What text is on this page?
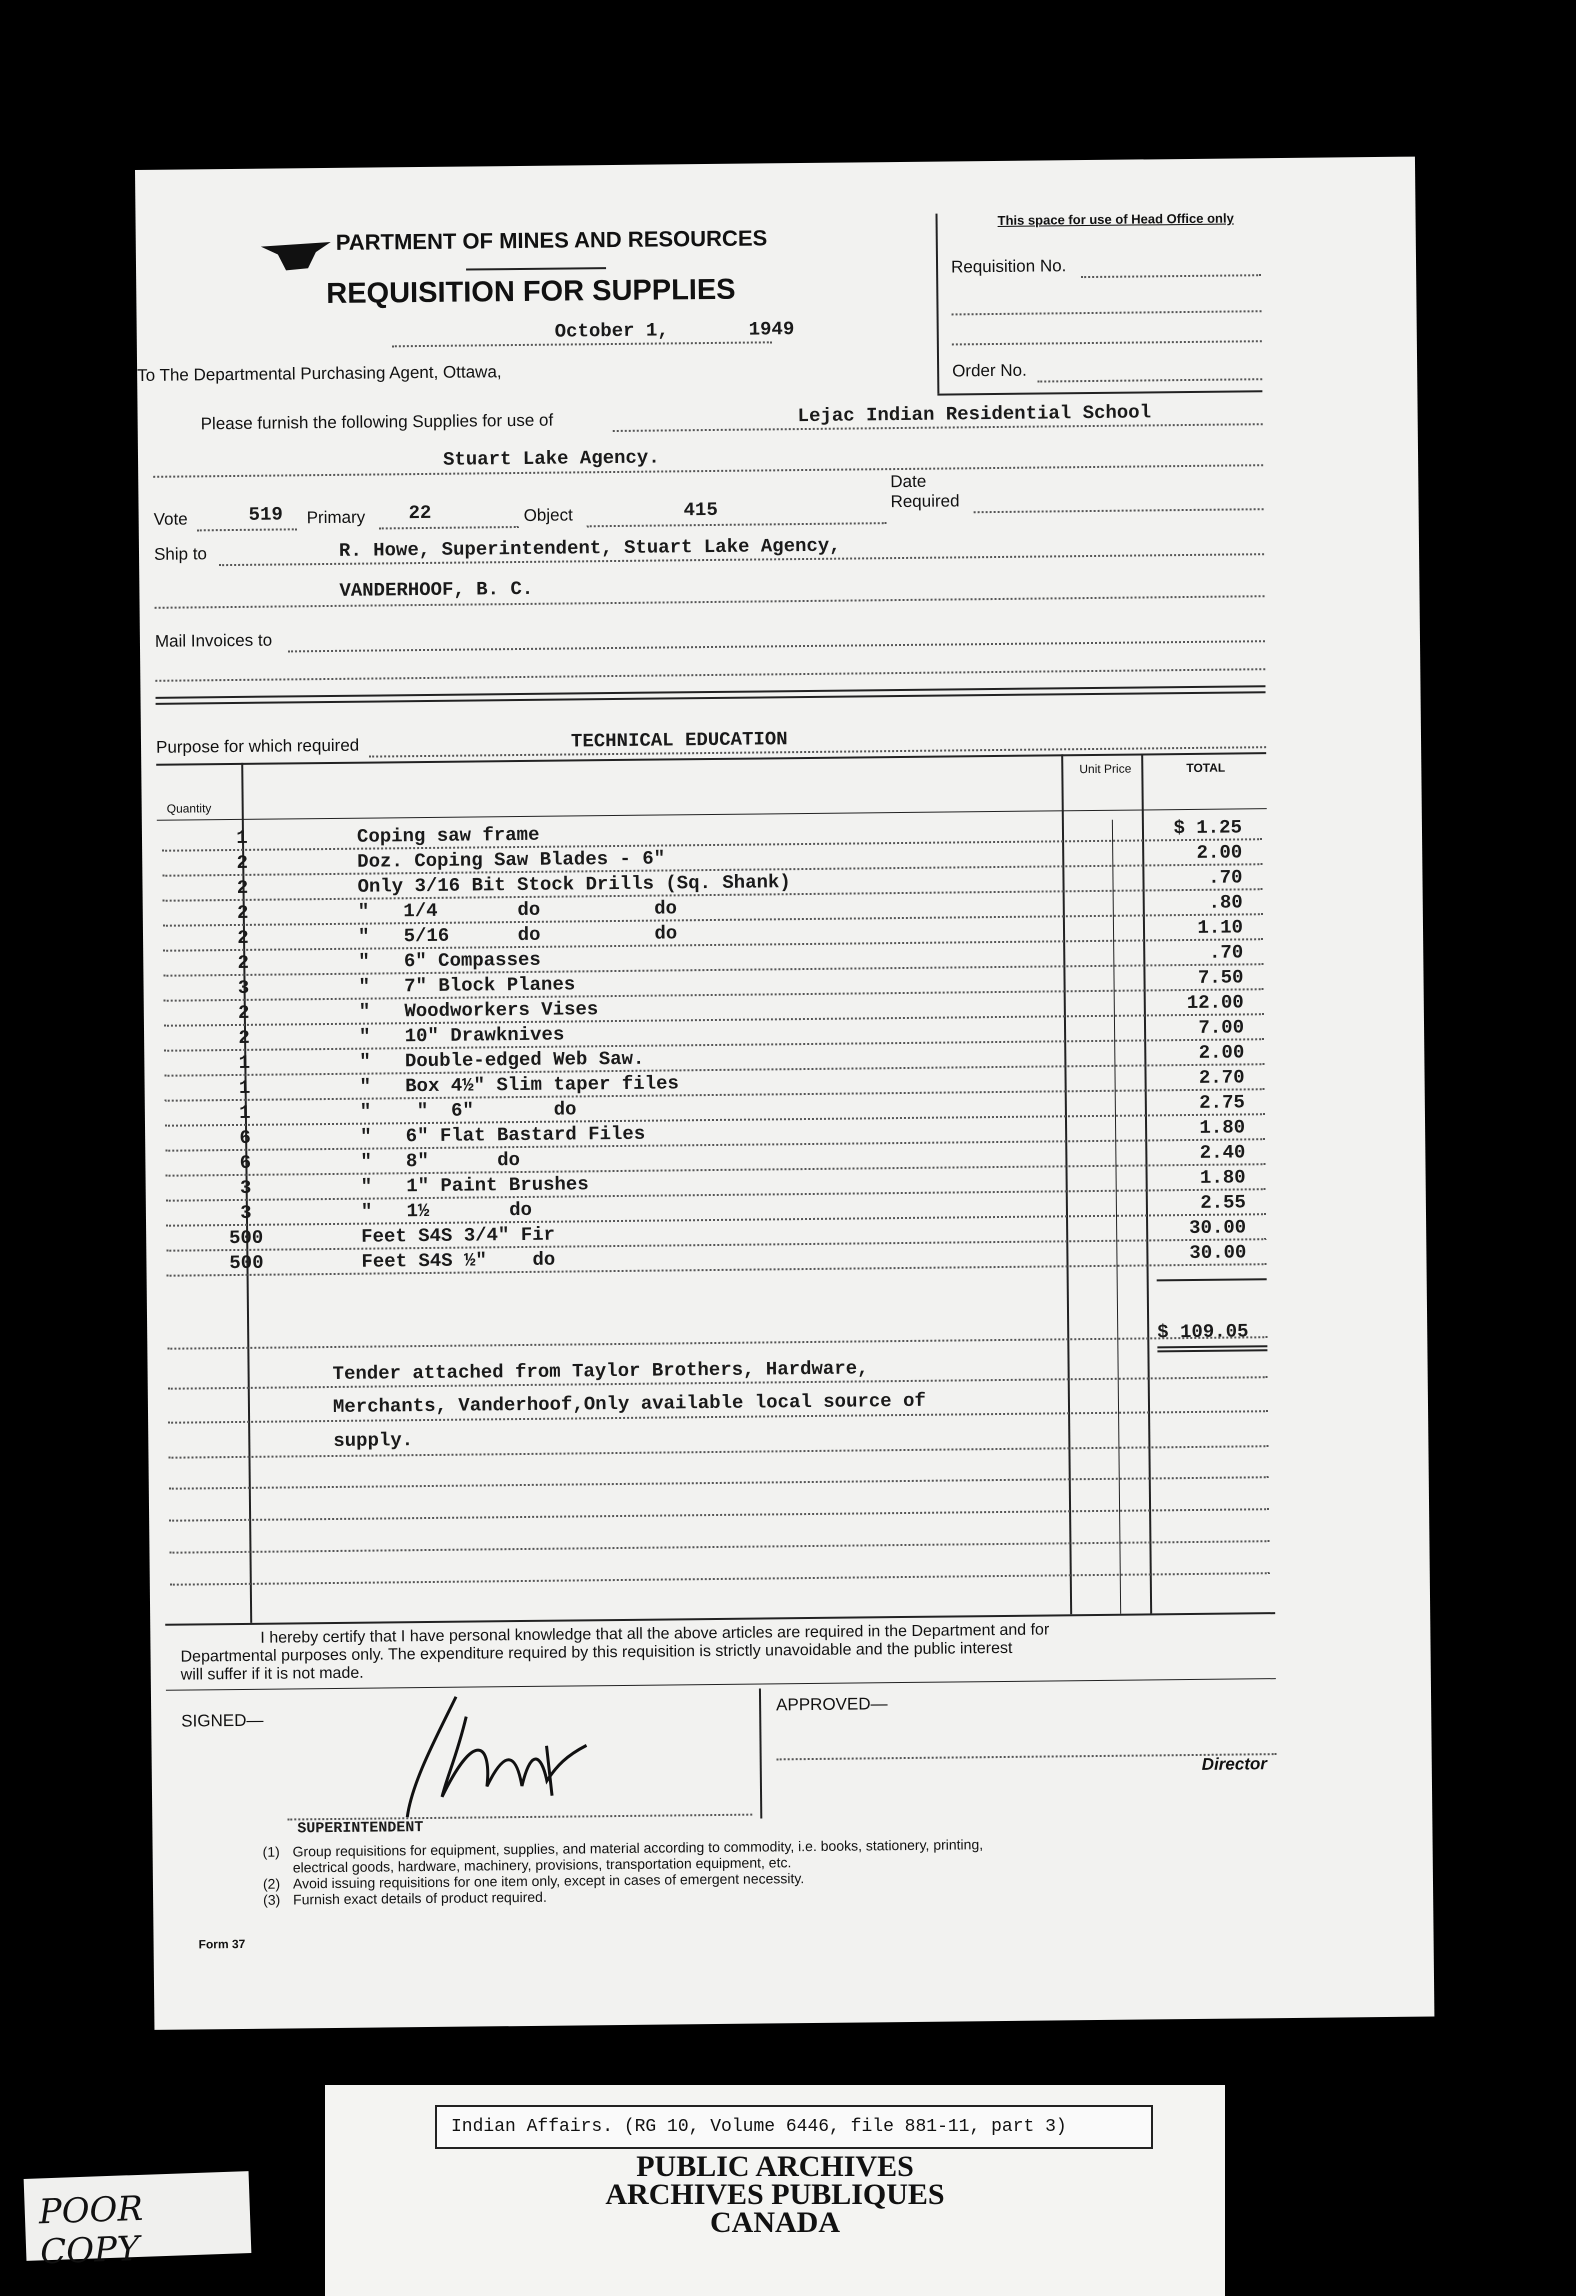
PARTMENT OF MINES AND RESOURCES
REQUISITION FOR SUPPLIES
October 1,	1949
To The Departmental Purchasing Agent, Ottawa,
This space for use of Head Office only
Requisition No.
Order No.
Please furnish the following Supplies for use of	Lejac Indian Residential School
Stuart Lake Agency.
Vote	519 Primary 22	Object	415
Date
Required
Ship to	R. Howe, Superintendent, Stuart Lake Agency,
VANDERHOOF, B. C.
Mail Invoices to
Purpose for which required	TECHNICAL EDUCATION
Quantity
Unit Price	TOTAL
1	Coping saw frame	$ 1.25
2	Doz. Coping Saw Blades - 6"	2.00
2	Only 3/16 Bit Stock Drills (Sq. Shank)	.70
2	"   1/4       do          do	.80
2	"   5/16      do          do	1.10
2	"   6" Compasses	.70
3	"   7" Block Planes	7.50
2	"   Woodworkers Vises	12.00
2	"   10" Drawknives	7.00
1	"   Double-edged Web Saw.	2.00
1	"   Box 4½" Slim taper files	2.70
1	"    "  6"       do	2.75
6	"   6" Flat Bastard Files	1.80
6	"   8"      do	2.40
3	"   1" Paint Brushes	1.80
3	"   1½       do	2.55
500	Feet S4S 3/4" Fir	30.00
500	Feet S4S ½"    do	30.00
$ 109.05
Tender attached from Taylor Brothers, Hardware,
Merchants, Vanderhoof,Only available local source of
supply.
I hereby certify that I have personal knowledge that all the above articles are required in the Department and for
Departmental purposes only. The expenditure required by this requisition is strictly unavoidable and the public interest
will suffer if it is not made.
SIGNED—
APPROVED—
Director
SUPERINTENDENT
(1) Group requisitions for equipment, supplies, and material according to commodity, i.e. books, stationery, printing,
electrical goods, hardware, machinery, provisions, transportation equipment, etc.
(2) Avoid issuing requisitions for one item only, except in cases of emergent necessity.
(3) Furnish exact details of product required.
Form 37
Indian Affairs. (RG 10, Volume 6446, file 881-11, part 3)
PUBLIC ARCHIVES
ARCHIVES PUBLIQUES
CANADA
POOR COPY
